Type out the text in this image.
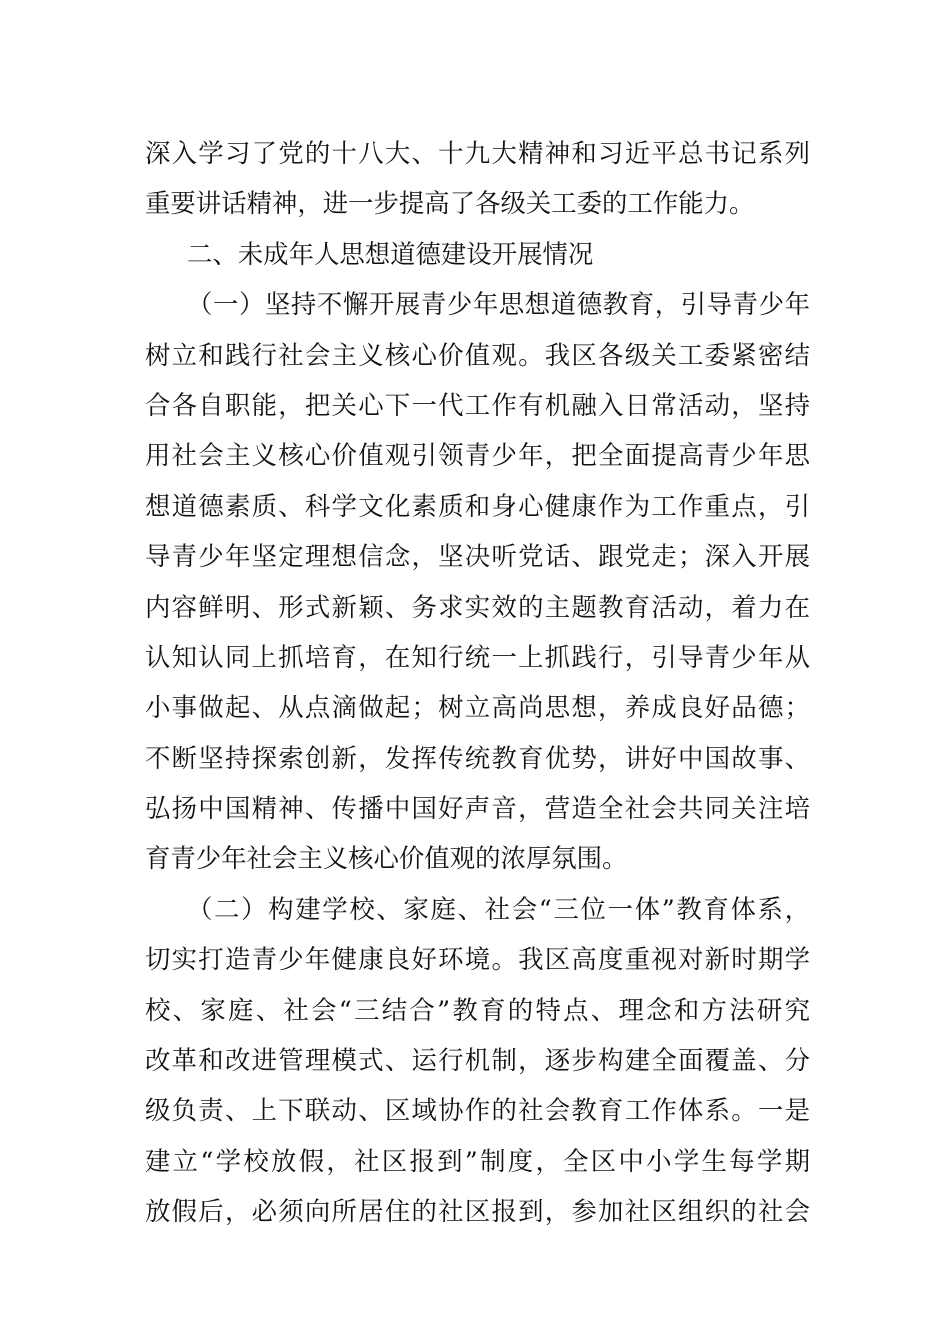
深入学习了党的十八大、十九大精神和习近平总书记系列
重要讲话精神，进一步提高了各级关工委的工作能力。
二、未成年人思想道德建设开展情况
（一）坚持不懈开展青少年思想道德教育，引导青少年
树立和践行社会主义核心价值观。我区各级关工委紧密结
合各自职能，把关心下一代工作有机融入日常活动，坚持
用社会主义核心价值观引领青少年，把全面提高青少年思
想道德素质、科学文化素质和身心健康作为工作重点，引
导青少年坚定理想信念，坚决听党话、跟党走；深入开展
内容鲜明、形式新颖、务求实效的主题教育活动，着力在
认知认同上抓培育，在知行统一上抓践行，引导青少年从
小事做起、从点滴做起；树立高尚思想，养成良好品德；
不断坚持探索创新，发挥传统教育优势，讲好中国故事、
弘扬中国精神、传播中国好声音，营造全社会共同关注培
育青少年社会主义核心价值观的浓厚氛围。
（二）构建学校、家庭、社会“三位一体”教育体系，
切实打造青少年健康良好环境。我区高度重视对新时期学
校、家庭、社会“三结合”教育的特点、理念和方法研究
改革和改进管理模式、运行机制，逐步构建全面覆盖、分
级负责、上下联动、区域协作的社会教育工作体系。一是
建立“学校放假，社区报到”制度，全区中小学生每学期
放假后，必须向所居住的社区报到，参加社区组织的社会
